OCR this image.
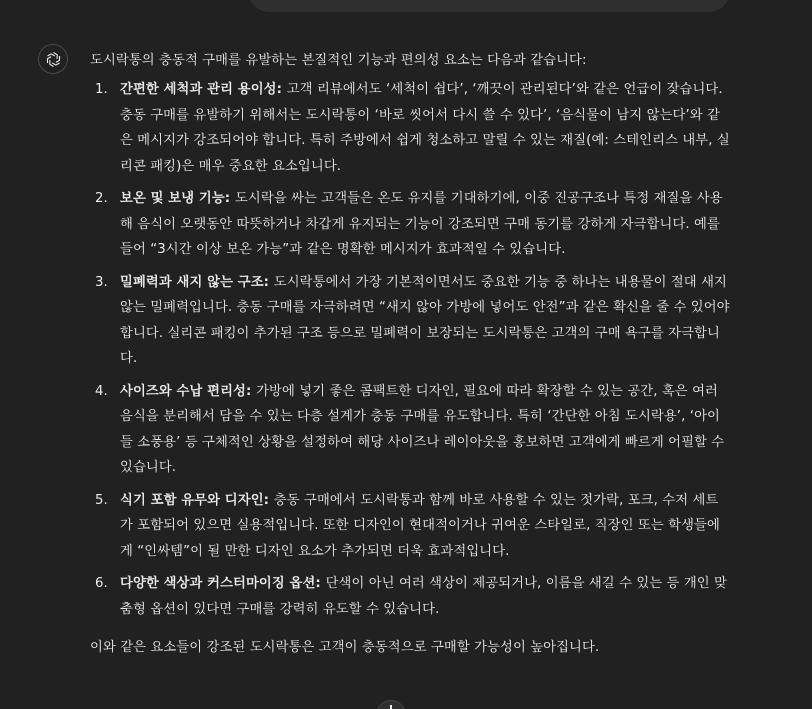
도시락통의 충동적 구매를 유발하는 본질적인 기능과 편의성 요소는 다음과 같습니다:

1. 간편한 세척과 관리 용이성: 고객 리뷰에서도 ‘세척이 쉽다’, ‘깨끗이 관리된다’와 같은 언급이 잦습니다. 충동 구매를 유발하기 위해서는 도시락통이 ‘바로 씻어서 다시 쓸 수 있다’, ‘음식물이 남지 않는다’와 같은 메시지가 강조되어야 합니다. 특히 주방에서 쉽게 청소하고 말릴 수 있는 재질(예: 스테인리스 내부, 실리콘 패킹)은 매우 중요한 요소입니다.
2. 보온 및 보냉 기능: 도시락을 싸는 고객들은 온도 유지를 기대하기에, 이중 진공구조나 특정 재질을 사용해 음식이 오랫동안 따뜻하거나 차갑게 유지되는 기능이 강조되면 구매 동기를 강하게 자극합니다. 예를 들어 “3시간 이상 보온 가능”과 같은 명확한 메시지가 효과적일 수 있습니다.
3. 밀폐력과 새지 않는 구조: 도시락통에서 가장 기본적이면서도 중요한 기능 중 하나는 내용물이 절대 새지 않는 밀폐력입니다. 충동 구매를 자극하려면 “새지 않아 가방에 넣어도 안전”과 같은 확신을 줄 수 있어야 합니다. 실리콘 패킹이 추가된 구조 등으로 밀폐력이 보장되는 도시락통은 고객의 구매 욕구를 자극합니다.
4. 사이즈와 수납 편리성: 가방에 넣기 좋은 콤팩트한 디자인, 필요에 따라 확장할 수 있는 공간, 혹은 여러 음식을 분리해서 담을 수 있는 다층 설계가 충동 구매를 유도합니다. 특히 ‘간단한 아침 도시락용’, ‘아이들 소풍용’ 등 구체적인 상황을 설정하여 해당 사이즈나 레이아웃을 홍보하면 고객에게 빠르게 어필할 수 있습니다.
5. 식기 포함 유무와 디자인: 충동 구매에서 도시락통과 함께 바로 사용할 수 있는 젓가락, 포크, 수저 세트가 포함되어 있으면 실용적입니다. 또한 디자인이 현대적이거나 귀여운 스타일로, 직장인 또는 학생들에게 “인싸템”이 될 만한 디자인 요소가 추가되면 더욱 효과적입니다.
6. 다양한 색상과 커스터마이징 옵션: 단색이 아닌 여러 색상이 제공되거나, 이름을 새길 수 있는 등 개인 맞춤형 옵션이 있다면 구매를 강력히 유도할 수 있습니다.

이와 같은 요소들이 강조된 도시락통은 고객이 충동적으로 구매할 가능성이 높아집니다.
